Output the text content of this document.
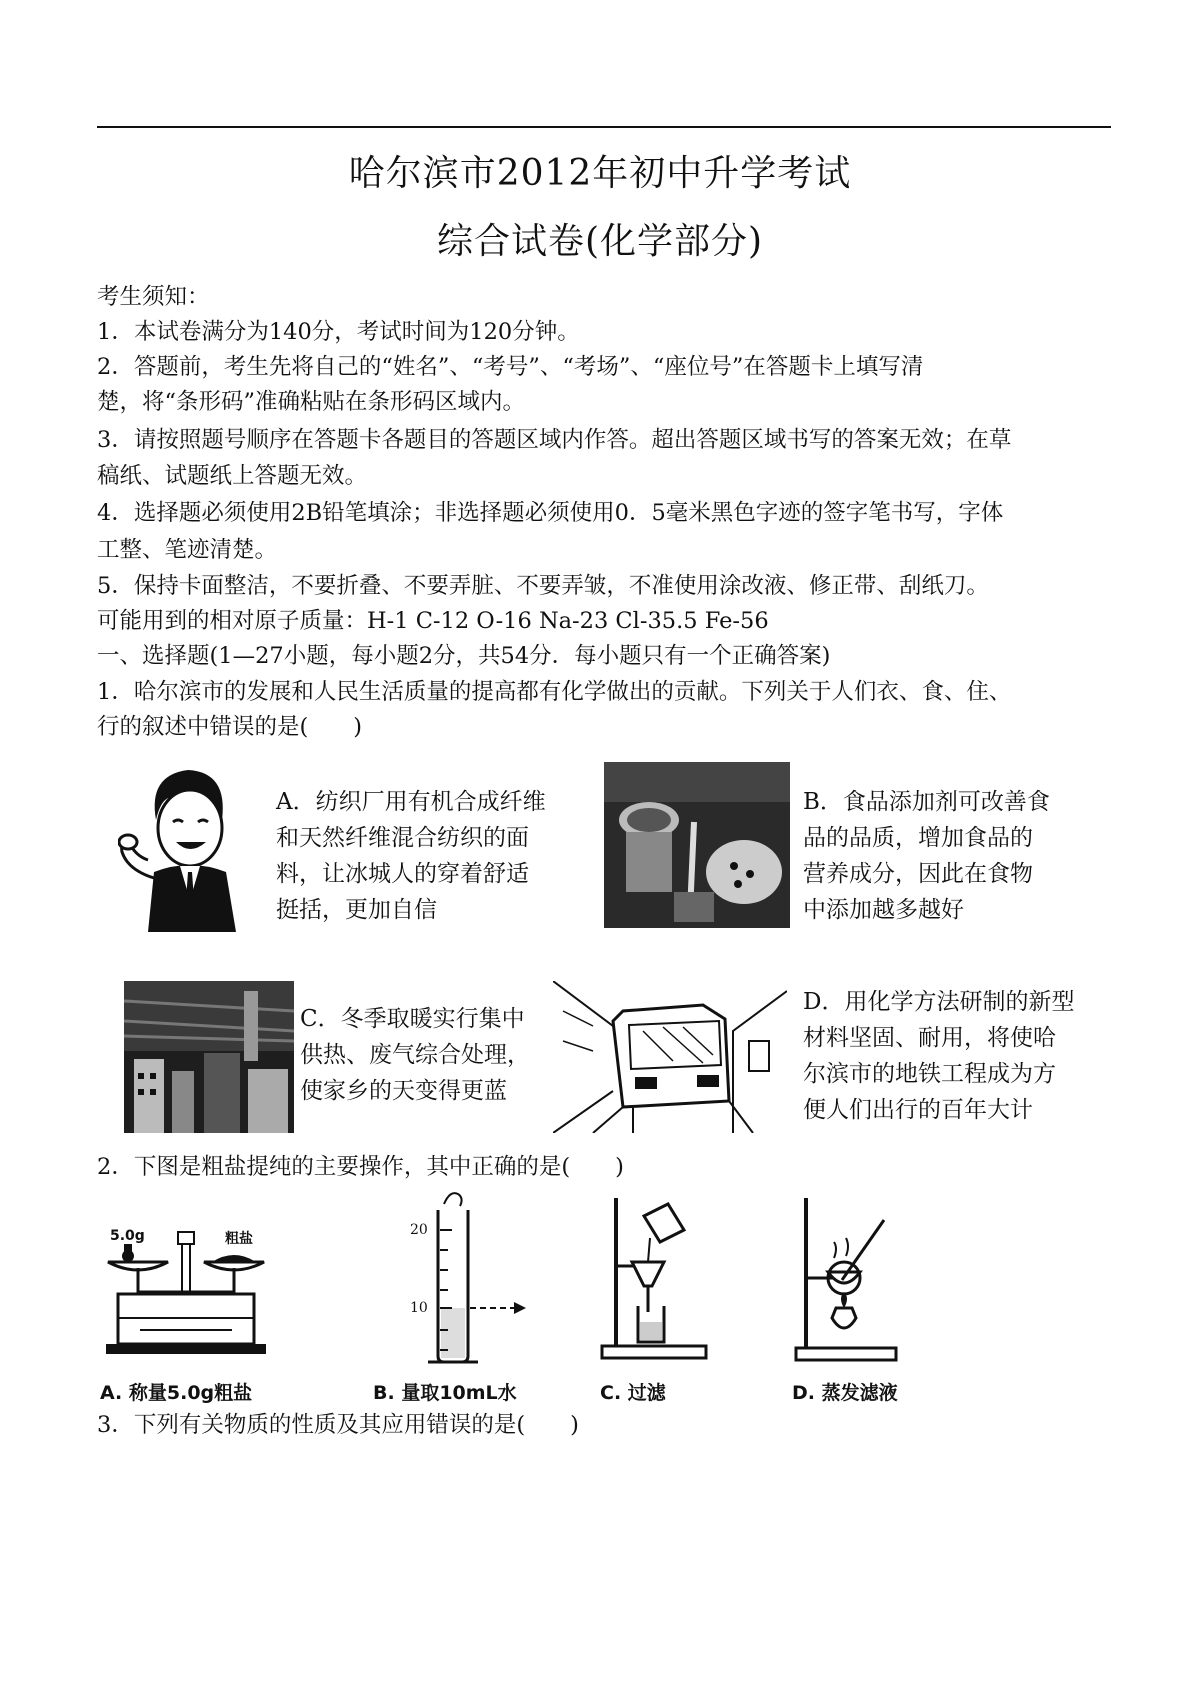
哈尔滨市2012年初中升学考试
综合试卷(化学部分)
考生须知：
1．本试卷满分为140分，考试时间为120分钟。
2．答题前，考生先将自己的“姓名”、“考号”、“考场”、“座位号”在答题卡上填写清
楚，将“条形码”准确粘贴在条形码区域内。
3．请按照题号顺序在答题卡各题目的答题区域内作答。超出答题区域书写的答案无效；在草
稿纸、试题纸上答题无效。
4．选择题必须使用2B铅笔填涂；非选择题必须使用0．5毫米黑色字迹的签字笔书写，字体
工整、笔迹清楚。
5．保持卡面整洁，不要折叠、不要弄脏、不要弄皱，不准使用涂改液、修正带、刮纸刀。
可能用到的相对原子质量：H-1 C-12 O-16 Na-23 Cl-35.5 Fe-56
一、选择题(1—27小题，每小题2分，共54分．每小题只有一个正确答案)
1．哈尔滨市的发展和人民生活质量的提高都有化学做出的贡献。下列关于人们衣、食、住、
行的叙述中错误的是(　　)
A．纺织厂用有机合成纤维
和天然纤维混合纺织的面
料，让冰城人的穿着舒适
挺括，更加自信
B．食品添加剂可改善食
品的品质，增加食品的
营养成分，因此在食物
中添加越多越好
C．冬季取暖实行集中
供热、废气综合处理，
使家乡的天变得更蓝
D．用化学方法研制的新型
材料坚固、耐用，将使哈
尔滨市的地铁工程成为方
便人们出行的百年大计
2．下图是粗盐提纯的主要操作，其中正确的是(　　)
5.0g	粗盐
A. 称量5.0g粗盐
20
10
B. 量取10mL水	C. 过滤	D. 蒸发滤液
3．下列有关物质的性质及其应用错误的是(　　)
